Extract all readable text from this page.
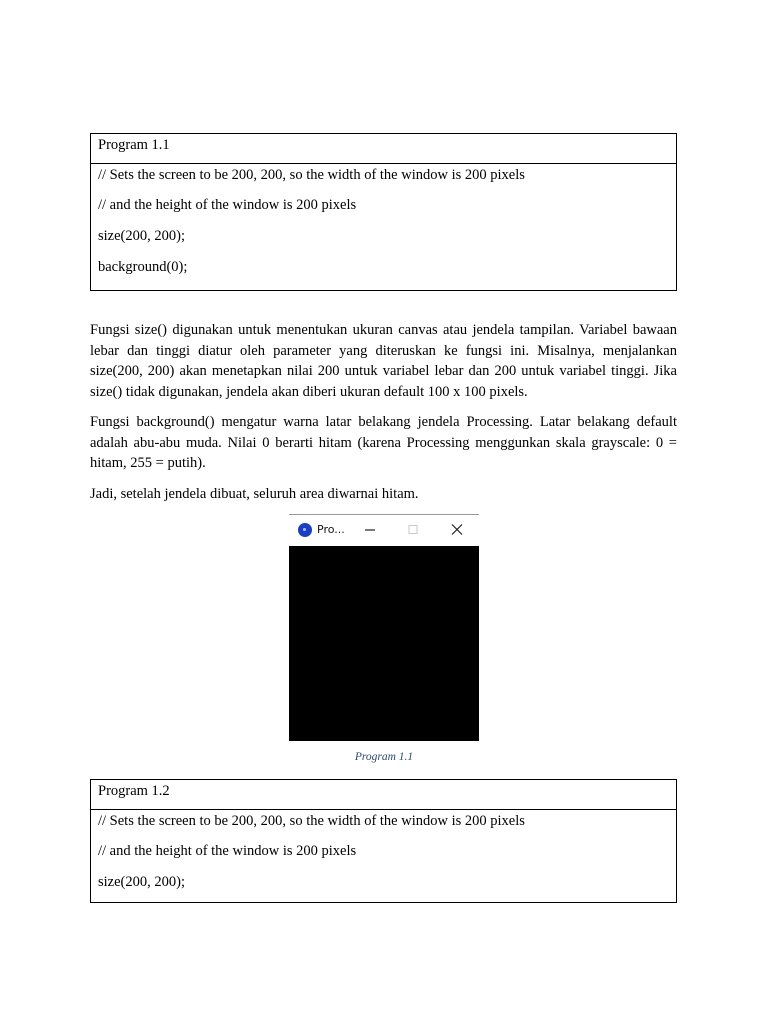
Program 1.1
// Sets the screen to be 200, 200, so the width of the window is 200 pixels
// and the height of the window is 200 pixels
size(200, 200);
background(0);

Fungsi size() digunakan untuk menentukan ukuran canvas atau jendela tampilan. Variabel bawaan lebar dan tinggi diatur oleh parameter yang diteruskan ke fungsi ini. Misalnya, menjalankan size(200, 200) akan menetapkan nilai 200 untuk variabel lebar dan 200 untuk variabel tinggi. Jika size() tidak digunakan, jendela akan diberi ukuran default 100 x 100 pixels.

Fungsi background() mengatur warna latar belakang jendela Processing. Latar belakang default adalah abu-abu muda. Nilai 0 berarti hitam (karena Processing menggunkan skala grayscale: 0 = hitam, 255 = putih).

Jadi, setelah jendela dibuat, seluruh area diwarnai hitam.

Pro...
Program 1.1
Program 1.2
// Sets the screen to be 200, 200, so the width of the window is 200 pixels
// and the height of the window is 200 pixels
size(200, 200);
